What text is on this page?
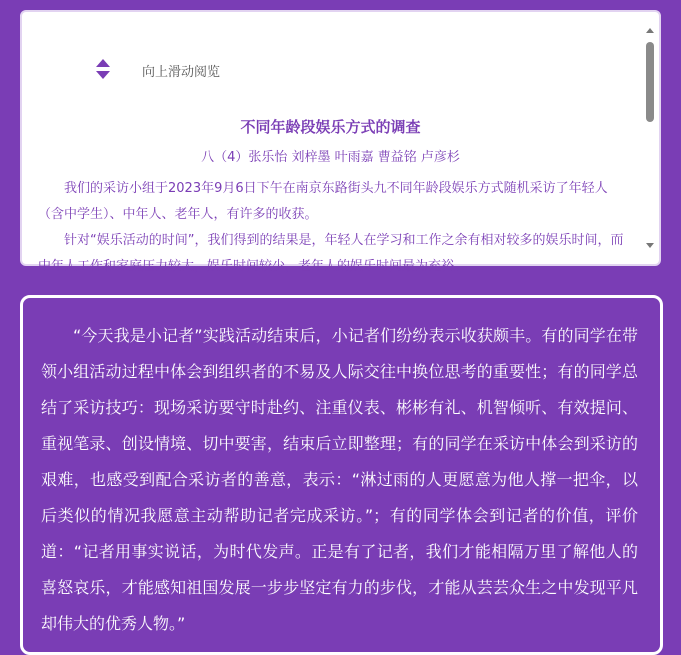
向上滑动阅览
不同年龄段娱乐方式的调查
八（4）张乐怡 刘梓墨 叶雨嘉 曹益铭 卢彦杉

我们的采访小组于2023年9月6日下午在南京东路街头九不同年龄段娱乐方式随机采访了年轻人（含中学生）、中年人、老年人，有许多的收获。

针对“娱乐活动的时间”，我们得到的结果是，年轻人在学习和工作之余有相对较多的娱乐时间，而中年人工作和家庭压力较大，娱乐时间较少，老年人的娱乐时间最为充裕。

“今天我是小记者”实践活动结束后，小记者们纷纷表示收获颇丰。有的同学在带领小组活动过程中体会到组织者的不易及人际交往中换位思考的重要性；有的同学总结了采访技巧：现场采访要守时赴约、注重仪表、彬彬有礼、机智倾听、有效提问、重视笔录、创设情境、切中要害，结束后立即整理；有的同学在采访中体会到采访的艰难，也感受到配合采访者的善意，表示：“淋过雨的人更愿意为他人撑一把伞，以后类似的情况我愿意主动帮助记者完成采访。”；有的同学体会到记者的价值，评价道：“记者用事实说话，为时代发声。正是有了记者，我们才能相隔万里了解他人的喜怒哀乐，才能感知祖国发展一步步坚定有力的步伐，才能从芸芸众生之中发现平凡却伟大的优秀人物。”
